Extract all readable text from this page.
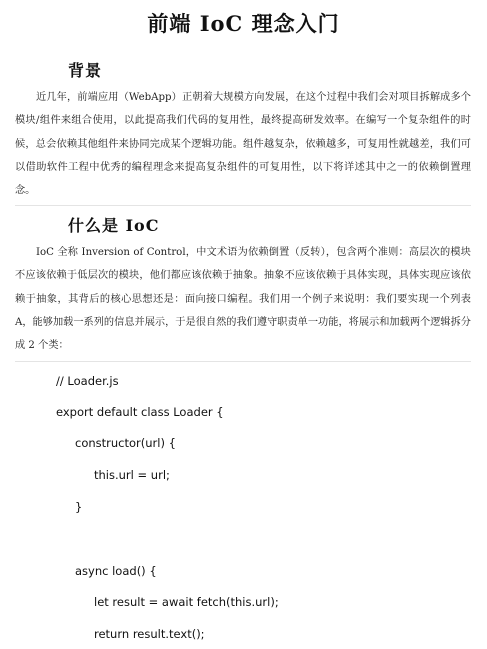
前端 IoC 理念入门
背景
近几年，前端应用（WebApp）正朝着大规模方向发展，在这个过程中我们会对项目拆解成多个模块/组件来组合使用，以此提高我们代码的复用性，最终提高研发效率。在编写一个复杂组件的时候，总会依赖其他组件来协同完成某个逻辑功能。组件越复杂，依赖越多，可复用性就越差，我们可以借助软件工程中优秀的编程理念来提高复杂组件的可复用性，以下将详述其中之一的依赖倒置理念。
什么是 IoC
IoC 全称 Inversion of Control，中文术语为依赖倒置（反转），包含两个准则：高层次的模块不应该依赖于低层次的模块，他们都应该依赖于抽象。抽象不应该依赖于具体实现，具体实现应该依赖于抽象，其背后的核心思想还是：面向接口编程。我们用一个例子来说明：我们要实现一个列表 A，能够加载一系列的信息并展示，于是很自然的我们遵守职责单一功能，将展示和加载两个逻辑拆分成 2 个类：
// Loader.js
export default class Loader {
constructor(url) {
this.url = url;
}
async load() {
let result = await fetch(this.url);
return result.text();
